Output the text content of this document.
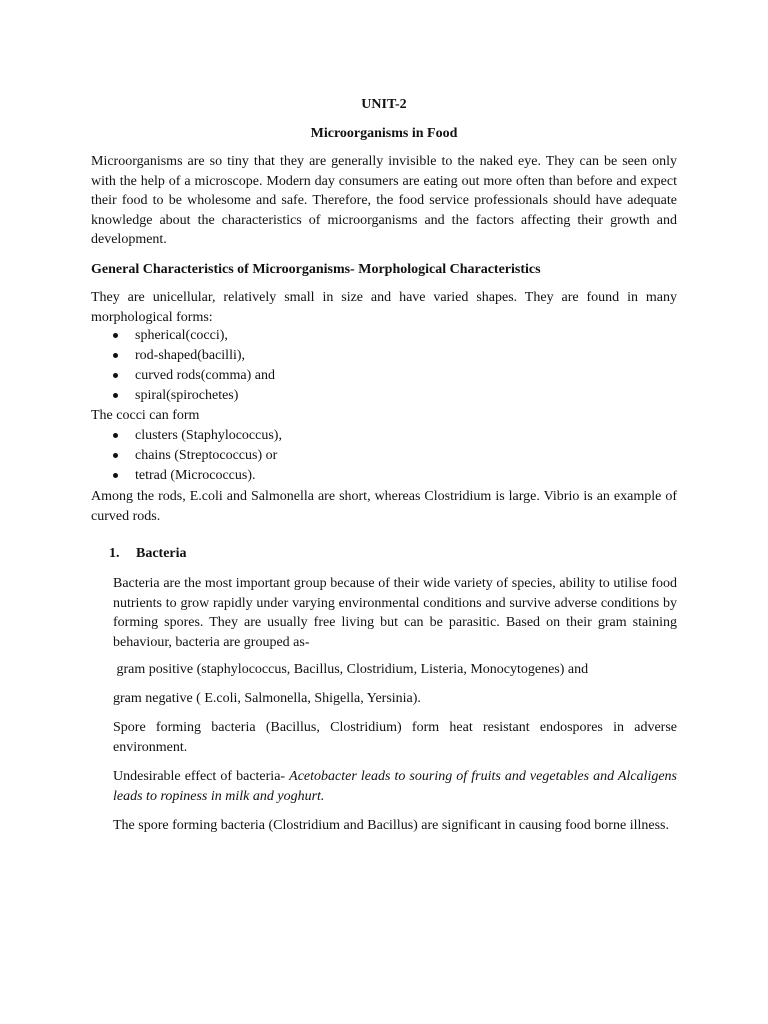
UNIT-2
Microorganisms in Food

Microorganisms are so tiny that they are generally invisible to the naked eye. They can be seen only with the help of a microscope. Modern day consumers are eating out more often than before and expect their food to be wholesome and safe. Therefore, the food service professionals should have adequate knowledge about the characteristics of microorganisms and the factors affecting their growth and development.

General Characteristics of Microorganisms- Morphological Characteristics

They are unicellular, relatively small in size and have varied shapes. They are found in many morphological forms:

spherical(cocci),
rod-shaped(bacilli),
curved rods(comma) and
spiral(spirochetes)
The cocci can form
clusters (Staphylococcus),
chains (Streptococcus) or
tetrad (Micrococcus).

Among the rods, E.coli and Salmonella are short, whereas Clostridium is large. Vibrio is an example of curved rods.

1. Bacteria

Bacteria are the most important group because of their wide variety of species, ability to utilise food nutrients to grow rapidly under varying environmental conditions and survive adverse conditions by forming spores. They are usually free living but can be parasitic. Based on their gram staining behaviour, bacteria are grouped as-

gram positive (staphylococcus, Bacillus, Clostridium, Listeria, Monocytogenes) and
gram negative ( E.coli, Salmonella, Shigella, Yersinia).

Spore forming bacteria (Bacillus, Clostridium) form heat resistant endospores in adverse environment.

Undesirable effect of bacteria- Acetobacter leads to souring of fruits and vegetables and Alcaligens leads to ropiness in milk and yoghurt.

The spore forming bacteria (Clostridium and Bacillus) are significant in causing food borne illness.
